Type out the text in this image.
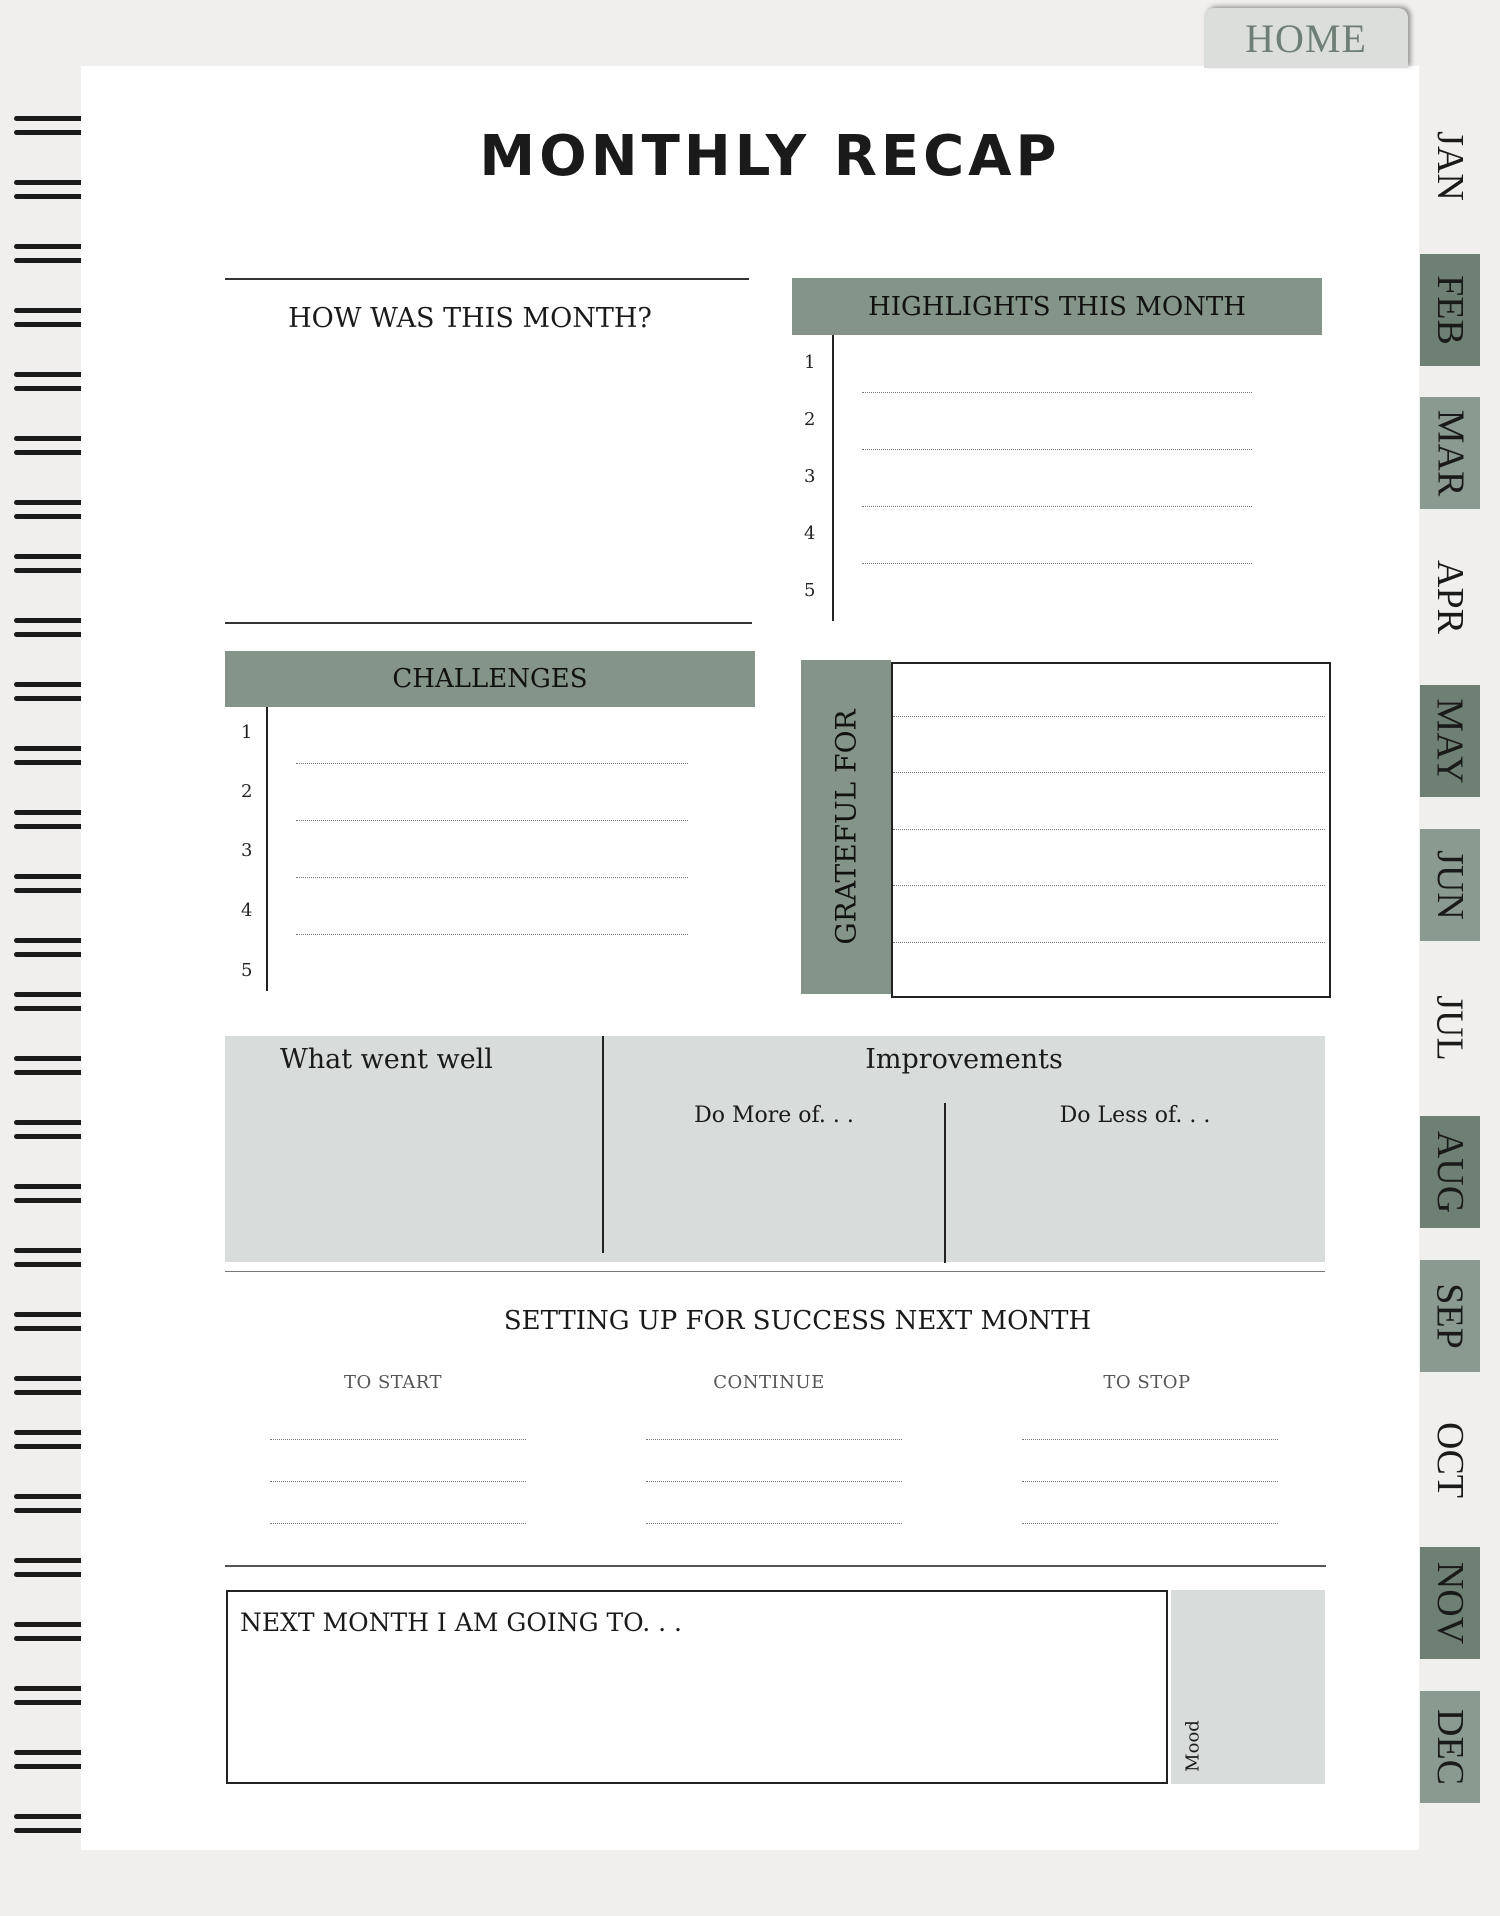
HOME
JAN
FEB
MAR
APR
MAY
JUN
JUL
AUG
SEP
OCT
NOV
DEC
MONTHLY RECAP
HOW WAS THIS MONTH?	HIGHLIGHTS THIS MONTH
1
2
3
4
5
CHALLENGES
1
2
3
4
5
GRATEFUL FOR
What went well	Improvements
Do More of. . .	Do Less of. . .
SETTING UP FOR SUCCESS NEXT MONTH
TO START	CONTINUE	TO STOP
NEXT MONTH I AM GOING TO. . .
Mood
